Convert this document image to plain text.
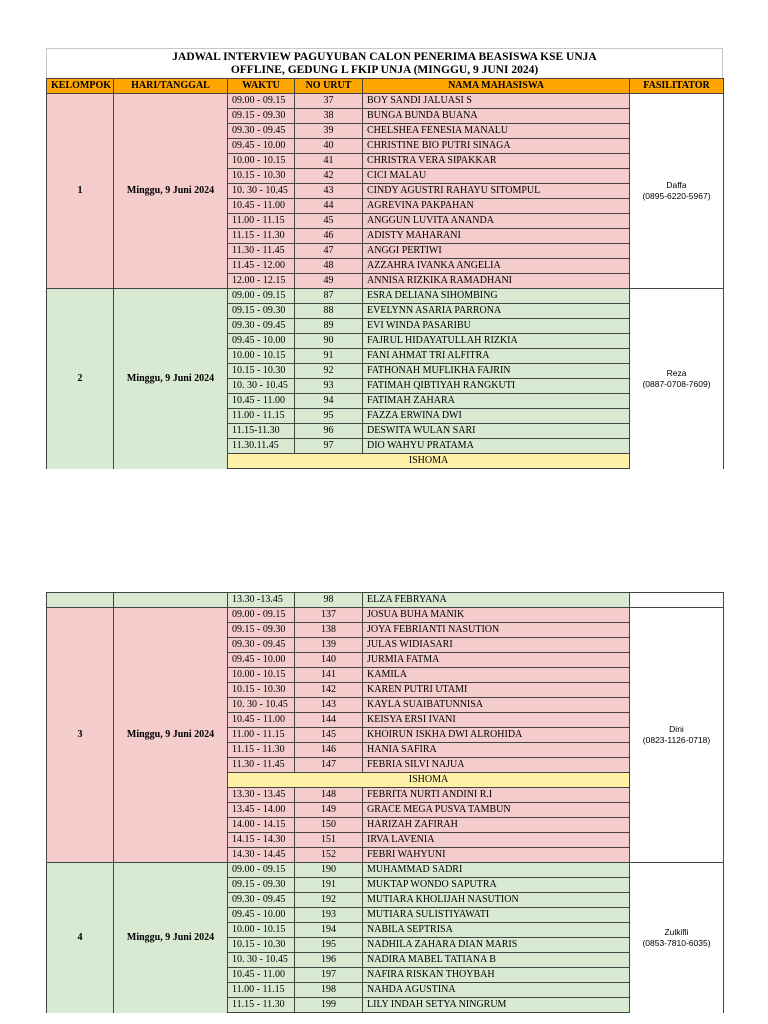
JADWAL INTERVIEW PAGUYUBAN CALON PENERIMA BEASISWA KSE UNJA
OFFLINE, GEDUNG L FKIP UNJA (MINGGU, 9 JUNI 2024)
KELOMPOK	HARI/TANGGAL	WAKTU	NO URUT	NAMA MAHASISWA	FASILITATOR
1	Minggu, 9 Juni 2024	09.00 - 09.15	37	BOY SANDI JALUASI S	Daffa
(0895-6220-5967)

		09.15 - 09.30	38	BUNGA BUNDA BUANA	
		09.30 - 09.45	39	CHELSHEA FENESIA MANALU	
		09.45 - 10.00	40	CHRISTINE BIO PUTRI SINAGA	
		10.00 - 10.15	41	CHRISTRA VERA SIPAKKAR	
		10.15 - 10.30	42	CICI MALAU	
		10. 30 - 10.45	43	CINDY AGUSTRI RAHAYU SITOMPUL	
		10.45 - 11.00	44	AGREVINA PAKPAHAN	
		11.00 - 11.15	45	ANGGUN LUVITA ANANDA	
		11.15 - 11.30	46	ADISTY MAHARANI	
		11.30 - 11.45	47	ANGGI PERTIWI	
		11.45 - 12.00	48	AZZAHRA IVANKA ANGELIA	
		12.00 - 12.15	49	ANNISA RIZKIKA RAMADHANI	
2	Minggu, 9 Juni 2024	09.00 - 09.15	87	ESRA DELIANA SIHOMBING	Reza
(0887-0708-7609)

		09.15 - 09.30	88	EVELYNN ASARIA PARRONA	
		09.30 - 09.45	89	EVI WINDA PASARIBU	
		09.45 - 10.00	90	FAJRUL HIDAYATULLAH RIZKIA	
		10.00 - 10.15	91	FANI AHMAT TRI ALFITRA	
		10.15 - 10.30	92	FATHONAH MUFLIKHA FAJRIN	
		10. 30 - 10.45	93	FATIMAH QIBTIYAH RANGKUTI	
		10.45 - 11.00	94	FATIMAH ZAHARA	
		11.00 - 11.15	95	FAZZA ERWINA DWI	
		11.15-11.30	96	DESWITA WULAN SARI	
		11.30.11.45	97	DIO WAHYU PRATAMA	
		ISHOMA			
		13.30 -13.45	98	ELZA FEBRYANA	
3	Minggu, 9 Juni 2024	09.00 - 09.15	137	JOSUA BUHA MANIK	Dini
(0823-1126-0718)

		09.15 - 09.30	138	JOYA FEBRIANTI NASUTION	
		09.30 - 09.45	139	JULAS WIDIASARI	
		09.45 - 10.00	140	JURMIA FATMA	
		10.00 - 10.15	141	KAMILA	
		10.15 - 10.30	142	KAREN PUTRI UTAMI	
		10. 30 - 10.45	143	KAYLA SUAIBATUNNISA	
		10.45 - 11.00	144	KEISYA ERSI IVANI	
		11.00 - 11.15	145	KHOIRUN ISKHA DWI ALROHIDA	
		11.15 - 11.30	146	HANIA SAFIRA	
		11.30 - 11.45	147	FEBRIA SILVI NAJUA	
		ISHOMA			
		13.30 - 13.45	148	FEBRITA NURTI ANDINI R.I	
		13.45 - 14.00	149	GRACE MEGA PUSVA TAMBUN	
		14.00 - 14.15	150	HARIZAH ZAFIRAH	
		14.15 - 14.30	151	IRVA LAVENIA	
		14.30 - 14.45	152	FEBRI WAHYUNI	
4	Minggu, 9 Juni 2024	09.00 - 09.15	190	MUHAMMAD SADRI	Zulkifli
(0853-7810-6035)

		09.15 - 09.30	191	MUKTAP WONDO SAPUTRA	
		09.30 - 09.45	192	MUTIARA KHOLIJAH NASUTION	
		09.45 - 10.00	193	MUTIARA SULISTIYAWATI	
		10.00 - 10.15	194	NABILA SEPTRISA	
		10.15 - 10.30	195	NADHILA ZAHARA DIAN MARIS	
		10. 30 - 10.45	196	NADIRA MABEL TATIANA B	
		10.45 - 11.00	197	NAFIRA RISKAN THOYBAH	
		11.00 - 11.15	198	NAHDA AGUSTINA	
		11.15 - 11.30	199	LILY INDAH SETYA NINGRUM	
